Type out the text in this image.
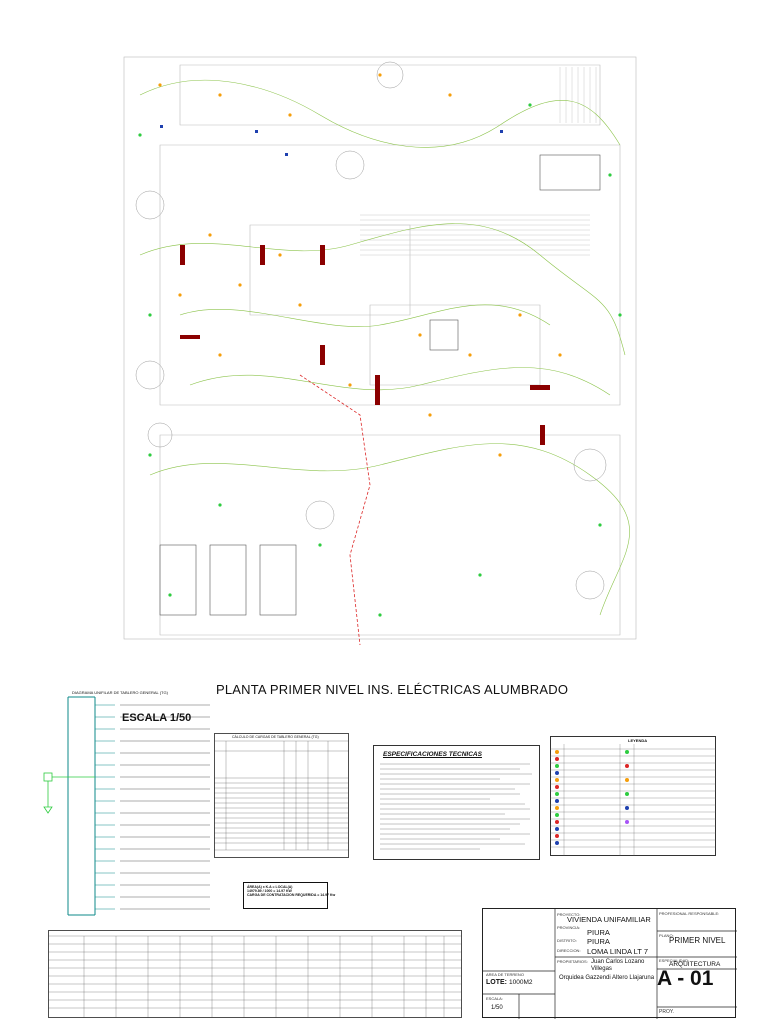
PLANTA PRIMER NIVEL INS. ELÉCTRICAS ALUMBRADO
ESCALA 1/50
DIAGRAMA UNIFILAR DE TABLERO GENERAL (TG)
CÁLCULO DE CARGAS DE TABLERO GENERAL (TG)
ÁREA(A) x K.A = LOCAL(A)
14979.89 / 1000 = 14.97 KW
CARGA DE CONTRATACION REQUERIDA = 14.97 Kw
ESPECIFICACIONES TECNICAS
LEYENDA
PROYECTO:
VIVIENDA UNIFAMILIAR
PROVINCIA:
PIURA
DISTRITO: PIURA
DIRECCION: LOMA LINDA LT 7
AREA DE TERRENO
LOTE: 1000M2
ESCALA:
1/50
PROPIETARIOS: Juan Carlos Lozano Villegas
Orquidea Gazzendi Altero Llajaruna
PROFESIONAL RESPONSABLE:
PLANO:
PRIMER NIVEL
ESPECIALIDAD:
ARQUITECTURA
PROY.
A - 01
